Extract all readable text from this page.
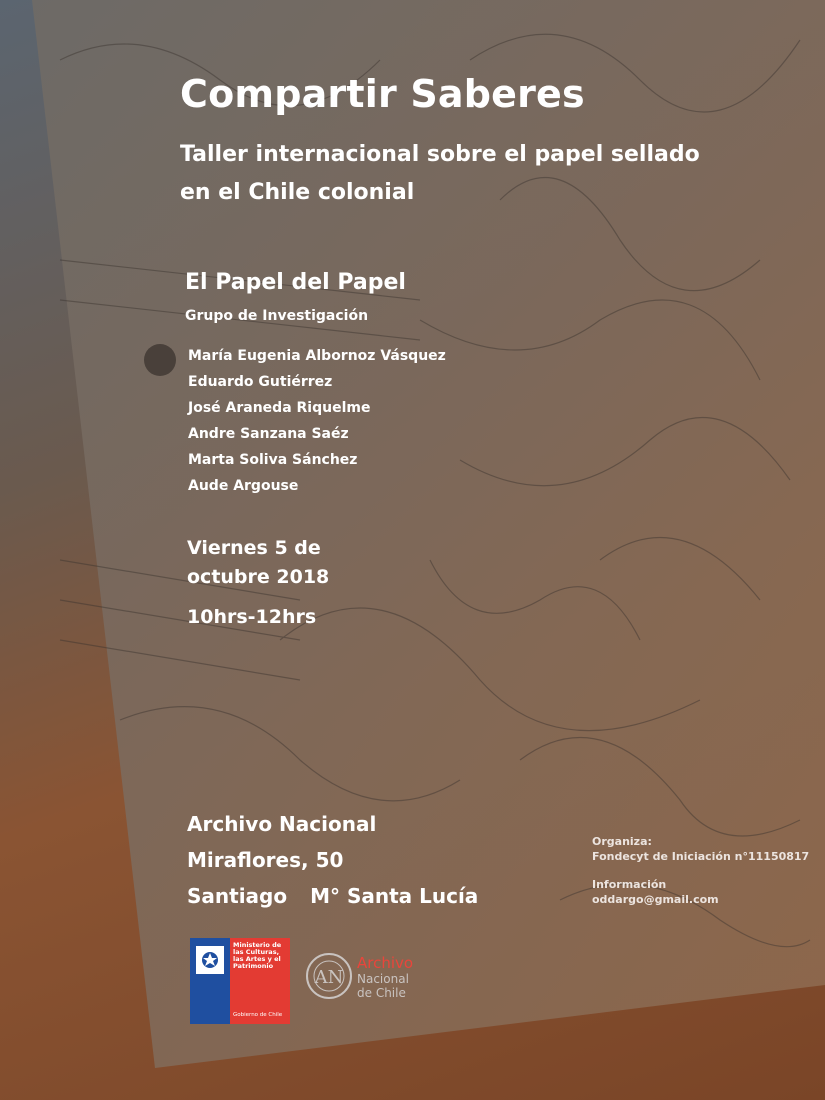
Compartir Saberes
Taller internacional sobre el papel sellado
en el Chile colonial
El Papel del Papel
Grupo de Investigación
María Eugenia Albornoz Vásquez
Eduardo Gutiérrez
José Araneda Riquelme
Andre Sanzana Saéz
Marta Soliva Sánchez
Aude Argouse
Viernes 5 de
octubre 2018
10hrs-12hrs
Archivo Nacional
Miraflores, 50
Santiago M° Santa Lucía
Organiza:
Fondecyt de Iniciación n°11150817
Información
oddargo@gmail.com
Ministerio de las Culturas, las Artes y el Patrimonio
Gobierno de Chile
AN
Archivo
Nacional
de Chile
